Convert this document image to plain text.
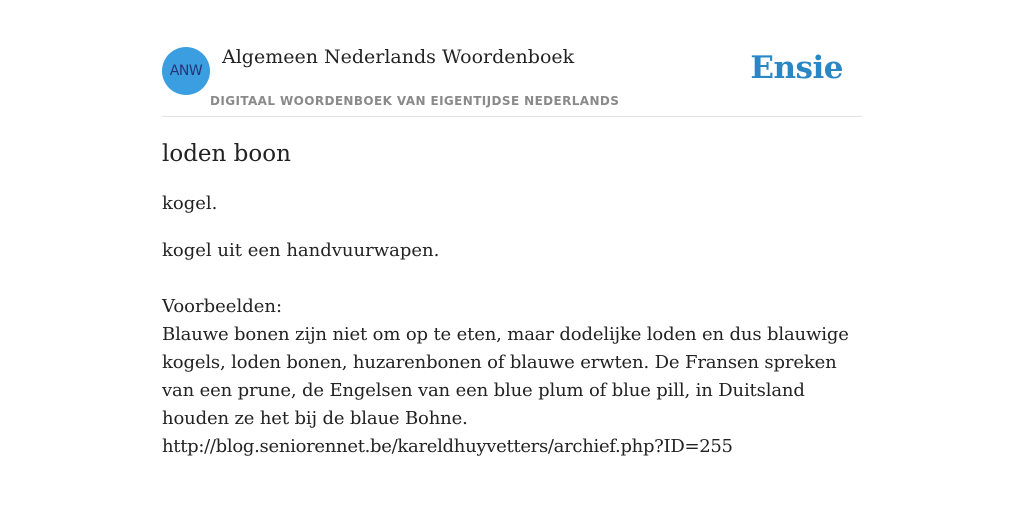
ANW
Algemeen Nederlands Woordenboek
DIGITAAL WOORDENBOEK VAN EIGENTIJDSE NEDERLANDS
Ensie
loden boon
kogel.
kogel uit een handvuurwapen.
Voorbeelden:
Blauwe bonen zijn niet om op te eten, maar dodelijke loden en dus blauwige kogels, loden bonen, huzarenbonen of blauwe erwten. De Fransen spreken van een prune, de Engelsen van een blue plum of blue pill, in Duitsland houden ze het bij de blaue Bohne.
http://blog.seniorennet.be/kareldhuyvetters/archief.php?ID=255
